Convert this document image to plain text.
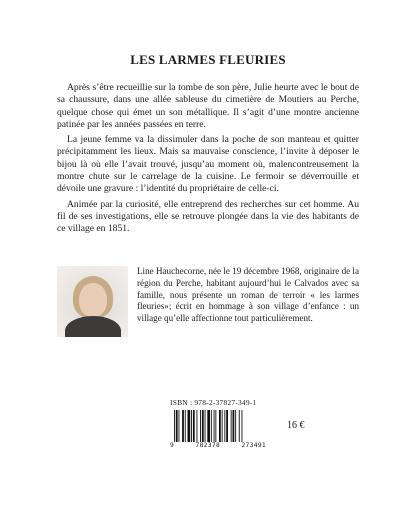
LES LARMES FLEURIES

Après s’être recueillie sur la tombe de son père, Julie heurte avec le bout de sa chaussure, dans une allée sableuse du cimetière de Moutiers au Perche, quelque chose qui émet un son métallique. Il s’agit d’une montre ancienne patinée par les années passées en terre.

La jeune femme va la dissimuler dans la poche de son manteau et quitter précipitamment les lieux. Mais sa mauvaise conscience, l’invite à déposer le bijou là où elle l’avait trouvé, jusqu’au moment où, malencontreusement la montre chute sur le carrelage de la cuisine. Le fermoir se déverrouille et dévoile une gravure : l’identité du propriétaire de celle-ci.

Animée par la curiosité, elle entreprend des recherches sur cet homme. Au fil de ses investigations, elle se retrouve plongée dans la vie des habitants de ce village en 1851.

Line Hauchecorne, née le 19 décembre 1968, originaire de la région du Perche, habitant aujourd’hui le Calvados avec sa famille, nous présente un roman de terroir « les larmes fleuries»; écrit en hommage à son village d’enfance : un village qu’elle affectionne tout particulièrement.

ISBN : 978-2-37827-349-1
9	782378	273491
16 €
